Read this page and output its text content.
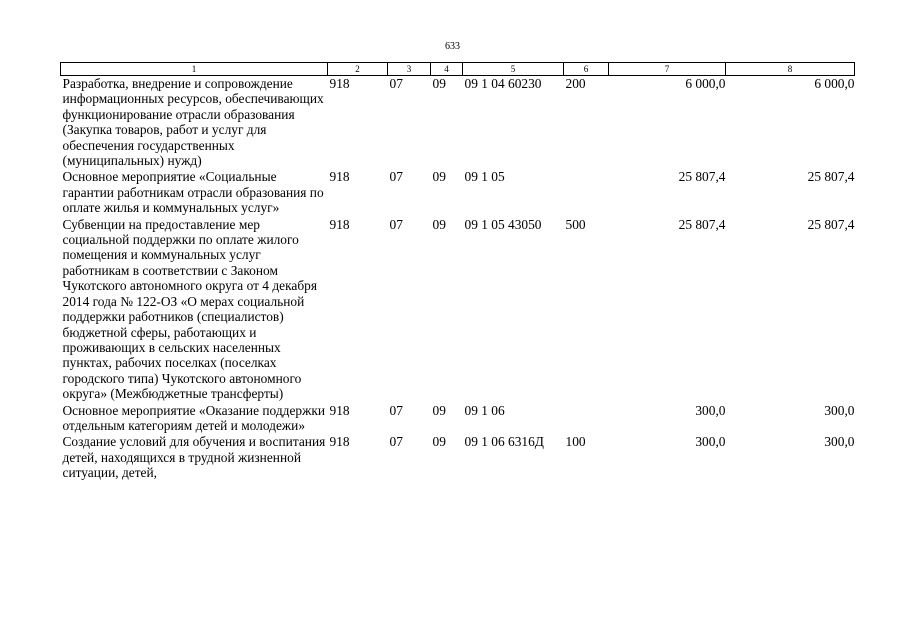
633
1	2	3	4	5	6	7	8
Разработка, внедрение и сопровождение информационных ресурсов, обеспечивающих функционирование отрасли образования (Закупка товаров, работ и услуг для обеспечения государственных (муниципальных) нужд)	918	07	09	09 1 04 60230	200	6 000,0	6 000,0
Основное мероприятие «Социальные гарантии работникам отрасли образования по оплате жилья и коммунальных услуг»	918	07	09	09 1 05		25 807,4	25 807,4
Субвенции на предоставление мер социальной поддержки по оплате жилого помещения и коммунальных услуг работникам в соответствии с Законом Чукотского автономного округа от 4 декабря 2014 года № 122-ОЗ «О мерах социальной поддержки работников (специалистов) бюджетной сферы, работающих и проживающих в сельских населенных пунктах, рабочих поселках (поселках городского типа) Чукотского автономного округа» (Межбюджетные трансферты)	918	07	09	09 1 05 43050	500	25 807,4	25 807,4
Основное мероприятие «Оказание поддержки отдельным категориям детей и молодежи»	918	07	09	09 1 06		300,0	300,0
Создание условий для обучения и воспитания детей, находящихся в трудной жизненной ситуации, детей,	918	07	09	09 1 06 6316Д	100	300,0	300,0
